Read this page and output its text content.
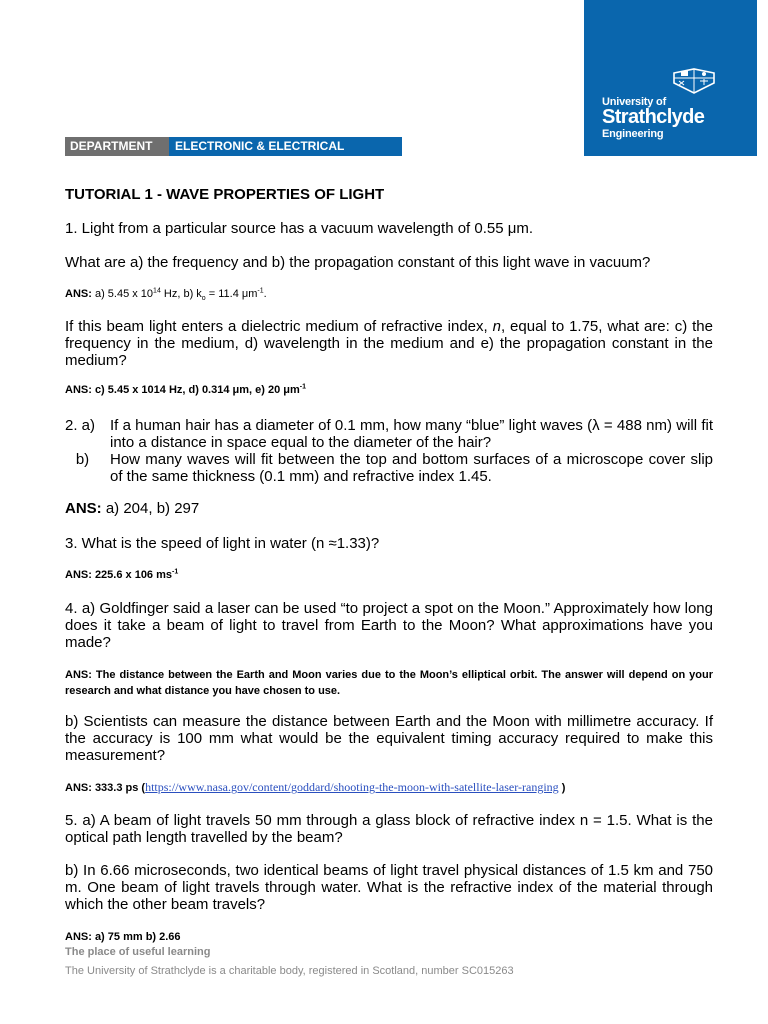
University of
Strathclyde
Engineering
DEPARTMENT OF
ELECTRONIC & ELECTRICAL ENGINEERING

TUTORIAL 1 - WAVE PROPERTIES OF LIGHT

1. Light from a particular source has a vacuum wavelength of 0.55 μm.

What are a) the frequency and b) the propagation constant of this light wave in vacuum?

ANS: a) 5.45 x $10^{14}$ Hz, b) $k_o = 11.4$ $\mu m^{-1}$.

If this beam light enters a dielectric medium of refractive index, n, equal to 1.75, what are: c) the frequency in the medium, d) wavelength in the medium and e) the propagation constant in the medium?

ANS: c) 5.45 x 1014 Hz, d) 0.314 μm, e) 20 $\mu m^{-1}$

2. a) If a human hair has a diameter of 0.1 mm, how many “blue” light waves (λ = 488 nm) will fit into a distance in space equal to the diameter of the hair?
b)	How many waves will fit between the top and bottom surfaces of a microscope cover slip of the same thickness (0.1 mm) and refractive index 1.45.

ANS: a) 204, b) 297

3. What is the speed of light in water (n ≈1.33)?

ANS: 225.6 x 106 $ms^{-1}$

4. a) Goldfinger said a laser can be used “to project a spot on the Moon.” Approximately how long does it take a beam of light to travel from Earth to the Moon? What approximations have you made?

ANS: The distance between the Earth and Moon varies due to the Moon’s elliptical orbit. The answer will depend on your research and what distance you have chosen to use.

b) Scientists can measure the distance between Earth and the Moon with millimetre accuracy. If the accuracy is 100 mm what would be the equivalent timing accuracy required to make this measurement?

ANS: 333.3 ps (https://www.nasa.gov/content/goddard/shooting-the-moon-with-satellite-laser-ranging )

5. a) A beam of light travels 50 mm through a glass block of refractive index n = 1.5. What is the optical path length travelled by the beam?

b) In 6.66 microseconds, two identical beams of light travel physical distances of 1.5 km and 750 m. One beam of light travels through water. What is the refractive index of the material through which the other beam travels?

ANS: a) 75 mm b) 2.66

The place of useful learning
The University of Strathclyde is a charitable body, registered in Scotland, number SC015263
